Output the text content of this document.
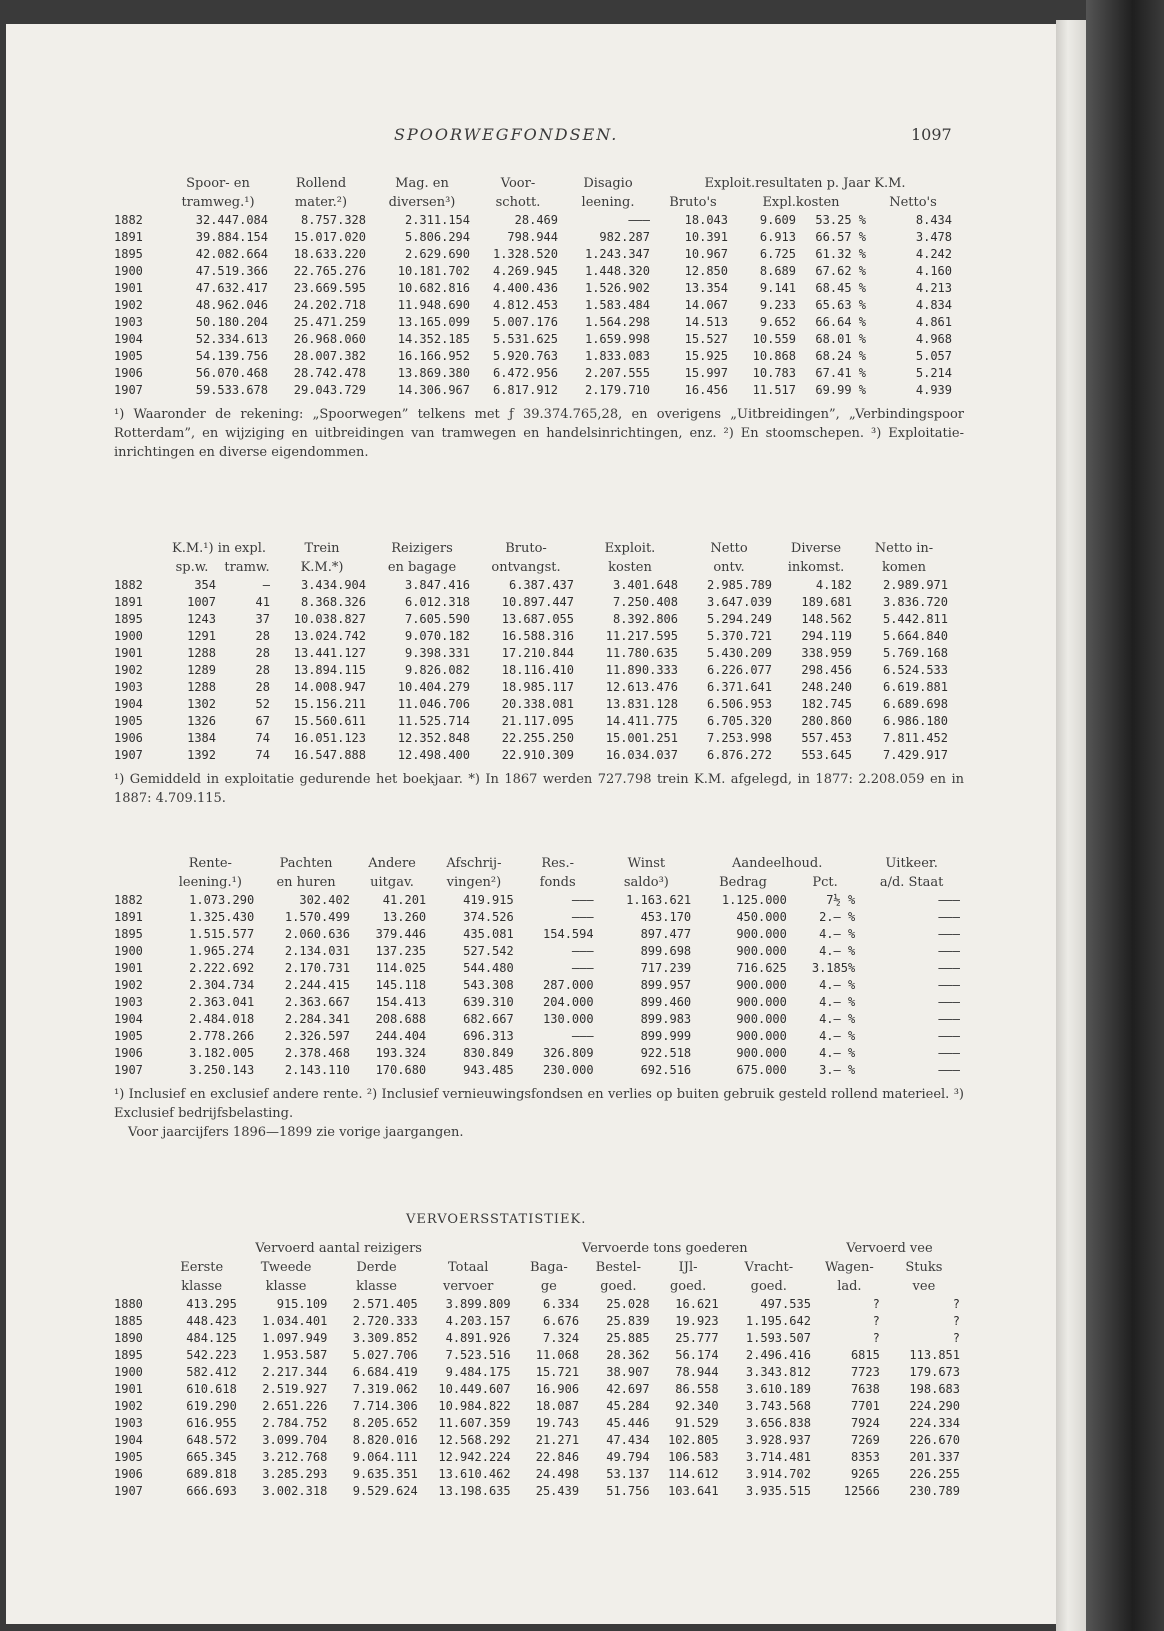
SPOORWEGFONDSEN.	1097
	Spoor- en	Rollend	Mag. en	Voor-	Disagio	Exploit.resultaten p. Jaar K.M.			
	tramweg.¹)	mater.²)	diversen³)	schott.	leening.	Bruto's	Expl.kosten		Netto's
1882	32.447.084	8.757.328	2.311.154	28.469	———	18.043	9.609	53.25 %	8.434
1891	39.884.154	15.017.020	5.806.294	798.944	982.287	10.391	6.913	66.57 %	3.478
1895	42.082.664	18.633.220	2.629.690	1.328.520	1.243.347	10.967	6.725	61.32 %	4.242
1900	47.519.366	22.765.276	10.181.702	4.269.945	1.448.320	12.850	8.689	67.62 %	4.160
1901	47.632.417	23.669.595	10.682.816	4.400.436	1.526.902	13.354	9.141	68.45 %	4.213
1902	48.962.046	24.202.718	11.948.690	4.812.453	1.583.484	14.067	9.233	65.63 %	4.834
1903	50.180.204	25.471.259	13.165.099	5.007.176	1.564.298	14.513	9.652	66.64 %	4.861
1904	52.334.613	26.968.060	14.352.185	5.531.625	1.659.998	15.527	10.559	68.01 %	4.968
1905	54.139.756	28.007.382	16.166.952	5.920.763	1.833.083	15.925	10.868	68.24 %	5.057
1906	56.070.468	28.742.478	13.869.380	6.472.956	2.207.555	15.997	10.783	67.41 %	5.214
1907	59.533.678	29.043.729	14.306.967	6.817.912	2.179.710	16.456	11.517	69.99 %	4.939
¹) Waaronder de rekening: „Spoorwegen” telkens met ƒ 39.374.765,28, en overigens „Uitbreidingen”, „Verbindingspoor Rotterdam”, en wijziging en uitbreidingen van tramwegen en handelsinrichtingen, enz. ²) En stoomschepen. ³) Exploitatie-inrichtingen en diverse eigendommen.
	K.M.¹) in expl.		Trein	Reizigers	Bruto-	Exploit.	Netto	Diverse	Netto in-
	sp.w.	tramw.	K.M.*)	en bagage	ontvangst.	kosten	ontv.	inkomst.	komen
1882	354	—	3.434.904	3.847.416	6.387.437	3.401.648	2.985.789	4.182	2.989.971
1891	1007	41	8.368.326	6.012.318	10.897.447	7.250.408	3.647.039	189.681	3.836.720
1895	1243	37	10.038.827	7.605.590	13.687.055	8.392.806	5.294.249	148.562	5.442.811
1900	1291	28	13.024.742	9.070.182	16.588.316	11.217.595	5.370.721	294.119	5.664.840
1901	1288	28	13.441.127	9.398.331	17.210.844	11.780.635	5.430.209	338.959	5.769.168
1902	1289	28	13.894.115	9.826.082	18.116.410	11.890.333	6.226.077	298.456	6.524.533
1903	1288	28	14.008.947	10.404.279	18.985.117	12.613.476	6.371.641	248.240	6.619.881
1904	1302	52	15.156.211	11.046.706	20.338.081	13.831.128	6.506.953	182.745	6.689.698
1905	1326	67	15.560.611	11.525.714	21.117.095	14.411.775	6.705.320	280.860	6.986.180
1906	1384	74	16.051.123	12.352.848	22.255.250	15.001.251	7.253.998	557.453	7.811.452
1907	1392	74	16.547.888	12.498.400	22.910.309	16.034.037	6.876.272	553.645	7.429.917
¹) Gemiddeld in exploitatie gedurende het boekjaar. *) In 1867 werden 727.798 trein K.M. afgelegd, in 1877: 2.208.059 en in 1887: 4.709.115.
	Rente-	Pachten	Andere	Afschrij-	Res.-	Winst	Aandeelhoud.		Uitkeer.
	leening.¹)	en huren	uitgav.	vingen²)	fonds	saldo³)	Bedrag	Pct.	a/d. Staat
1882	1.073.290	302.402	41.201	419.915	———	1.163.621	1.125.000	7½ %	———
1891	1.325.430	1.570.499	13.260	374.526	———	453.170	450.000	2.— %	———
1895	1.515.577	2.060.636	379.446	435.081	154.594	897.477	900.000	4.— %	———
1900	1.965.274	2.134.031	137.235	527.542	———	899.698	900.000	4.— %	———
1901	2.222.692	2.170.731	114.025	544.480	———	717.239	716.625	3.185%	———
1902	2.304.734	2.244.415	145.118	543.308	287.000	899.957	900.000	4.— %	———
1903	2.363.041	2.363.667	154.413	639.310	204.000	899.460	900.000	4.— %	———
1904	2.484.018	2.284.341	208.688	682.667	130.000	899.983	900.000	4.— %	———
1905	2.778.266	2.326.597	244.404	696.313	———	899.999	900.000	4.— %	———
1906	3.182.005	2.378.468	193.324	830.849	326.809	922.518	900.000	4.— %	———
1907	3.250.143	2.143.110	170.680	943.485	230.000	692.516	675.000	3.— %	———
¹) Inclusief en exclusief andere rente. ²) Inclusief vernieuwingsfondsen en verlies op buiten gebruik gesteld rollend materieel. ³) Exclusief bedrijfsbelasting.
Voor jaarcijfers 1896—1899 zie vorige jaargangen.
VERVOERSSTATISTIEK.
	Vervoerd aantal reizigers				Vervoerde tons goederen				Vervoerd vee	
	Eerste	Tweede	Derde	Totaal	Baga-	Bestel-	IJl-	Vracht-	Wagen-	Stuks
	klasse	klasse	klasse	vervoer	ge	goed.	goed.	goed.	lad.	vee
1880	413.295	915.109	2.571.405	3.899.809	6.334	25.028	16.621	497.535	?	?
1885	448.423	1.034.401	2.720.333	4.203.157	6.676	25.839	19.923	1.195.642	?	?
1890	484.125	1.097.949	3.309.852	4.891.926	7.324	25.885	25.777	1.593.507	?	?
1895	542.223	1.953.587	5.027.706	7.523.516	11.068	28.362	56.174	2.496.416	6815	113.851
1900	582.412	2.217.344	6.684.419	9.484.175	15.721	38.907	78.944	3.343.812	7723	179.673
1901	610.618	2.519.927	7.319.062	10.449.607	16.906	42.697	86.558	3.610.189	7638	198.683
1902	619.290	2.651.226	7.714.306	10.984.822	18.087	45.284	92.340	3.743.568	7701	224.290
1903	616.955	2.784.752	8.205.652	11.607.359	19.743	45.446	91.529	3.656.838	7924	224.334
1904	648.572	3.099.704	8.820.016	12.568.292	21.271	47.434	102.805	3.928.937	7269	226.670
1905	665.345	3.212.768	9.064.111	12.942.224	22.846	49.794	106.583	3.714.481	8353	201.337
1906	689.818	3.285.293	9.635.351	13.610.462	24.498	53.137	114.612	3.914.702	9265	226.255
1907	666.693	3.002.318	9.529.624	13.198.635	25.439	51.756	103.641	3.935.515	12566	230.789
